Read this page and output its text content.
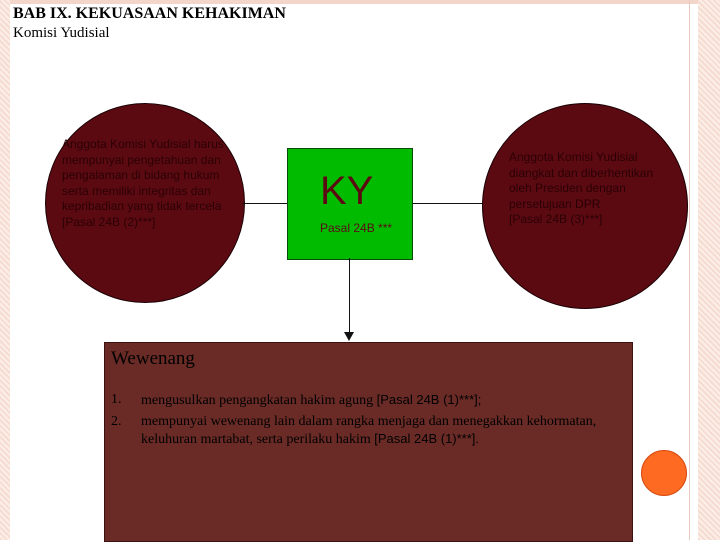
BAB IX. KEKUASAAN KEHAKIMAN
Komisi Yudisial
Anggota Komisi Yudisial harus mempunyai pengetahuan dan pengalaman di bidang hukum serta memiliki integritas dan kepribadian yang tidak tercela
[Pasal 24B (2)***]
KY
Pasal 24B ***
Anggota Komisi Yudisial diangkat dan diberhentikan oleh Presiden dengan persetujuan DPR
[Pasal 24B (3)***]
Wewenang
1. mengusulkan pengangkatan hakim agung [Pasal 24B (1)***];
2. mempunyai wewenang lain dalam rangka menjaga dan menegakkan kehormatan, keluhuran martabat, serta perilaku hakim [Pasal 24B (1)***].
